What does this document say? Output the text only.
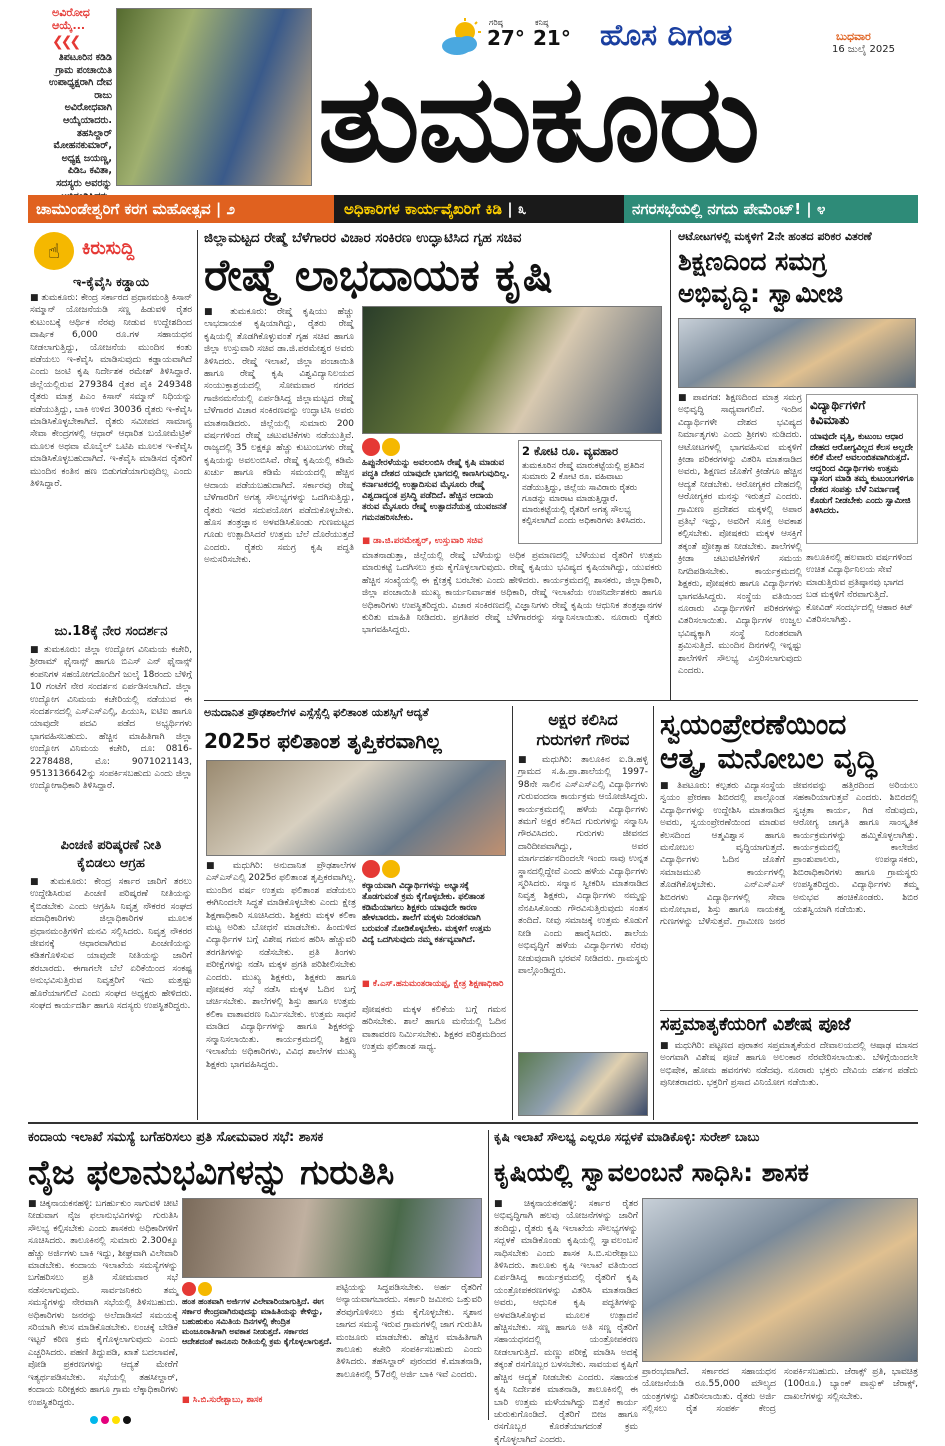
ಅವಿರೋಧ
ಆಯ್ಕೆ...
❮❮❮
ತಿಪಟೂರಿನ ಕಡಿಡಿ ಗ್ರಾಮ ಪಂಚಾಯಿತಿ ಉಪಾಧ್ಯಕ್ಷರಾಗಿ ದೇವ ರಾಜು ಅವಿರೋಧವಾಗಿ ಆಯ್ಕೆಯಾದರು. ತಹಸಿಲ್ದಾರ್ ಮೋಹನಕುಮಾರ್, ಅಧ್ಯಕ್ಷ ಜಯಣ್ಣ, ಪಿಡಿಒ ಕವಿತಾ, ಸದಸ್ಯರು ಅವರನ್ನು
ಗರಿಷ್ಠ
27°
ಕನಿಷ್ಠ
21° ಹೊಸ ದಿಗಂತ	ಬುಧವಾರ
16 ಜುಲೈ 2025
ತುಮಕೂರು
ಚಾಮುಂಡೇಶ್ವರಿಗೆ ಕರಗ ಮಹೋತ್ಸವ
| ೨	ಅಧಿಕಾರಿಗಳ ಕಾರ್ಯವೈಖರಿಗೆ ಕಿಡಿ
| ೩	ನಗರಸಭೆಯಲ್ಲಿ ನಗದು ಪೇಮೆಂಟ್!
| ೪
☝	ಕಿರುಸುದ್ದಿ
ಇ-ಕೈವೈಸಿ ಕಡ್ಡಾಯ
■ ತುಮಕೂರು: ಕೇಂದ್ರ ಸರ್ಕಾರದ ಪ್ರಧಾನಮಂತ್ರಿ ಕಿಸಾನ್ ಸಮ್ಮಾನ್ ಯೋಜನೆಯಡಿ ಸಣ್ಣ ಹಿಡುವಳಿ ರೈತರ ಕುಟುಂಬಕ್ಕೆ ಆರ್ಥಿಕ ನೆರವು ನೀಡುವ ಉದ್ದೇಶದಿಂದ ವಾರ್ಷಿಕ 6,000 ರೂ.ಗಳ ಸಹಾಯಧನ ನೀಡಲಾಗುತ್ತಿದ್ದು, ಯೋಜನೆಯ ಮುಂದಿನ ಕಂತು ಪಡೆಯಲು ಇ-ಕೆವೈಸಿ ಮಾಡಿಸುವುದು ಕಡ್ಡಾಯವಾಗಿದೆ ಎಂದು ಜಂಟಿ ಕೃಷಿ ನಿರ್ದೇಶಕ ರಮೇಶ್ ತಿಳಿಸಿದ್ದಾರೆ. ಜಿಲ್ಲೆಯಲ್ಲಿರುವ 279384 ರೈತರ ಪೈಕಿ 249348 ರೈತರು ಮಾತ್ರ ಪಿಎಂ ಕಿಸಾನ್ ಸಮ್ಮಾನ್ ನಿಧಿಯನ್ನು ಪಡೆಯುತ್ತಿದ್ದು, ಬಾಕಿ ಉಳಿದ 30036 ರೈತರು ಇ-ಕೆವೈಸಿ ಮಾಡಿಸಿಕೊಳ್ಳಬೇಕಾಗಿದೆ. ರೈತರು ಸಮೀಪದ ಸಾಮಾನ್ಯ ಸೇವಾ ಕೇಂದ್ರಗಳಲ್ಲಿ ಆಧಾರ್ ಆಧಾರಿತ ಬಯೋಮೆಟ್ರಿಕ್ ಮೂಲಕ ಅಥವಾ ಮೊಬೈಲ್ ಒಟಿಪಿ ಮೂಲಕ ಇ-ಕೆವೈಸಿ ಮಾಡಿಸಿಕೊಳ್ಳಬಹುದಾಗಿದೆ. ಇ-ಕೆವೈಸಿ ಮಾಡಿಸದ ರೈತರಿಗೆ ಮುಂದಿನ ಕಂತಿನ ಹಣ ಬಿಡುಗಡೆಯಾಗುವುದಿಲ್ಲ ಎಂದು ತಿಳಿಸಿದ್ದಾರೆ.
ಜು.18ಕ್ಕೆ ನೇರ ಸಂದರ್ಶನ
■ ತುಮಕೂರು: ಜಿಲ್ಲಾ ಉದ್ಯೋಗ ವಿನಿಮಯ ಕಚೇರಿ, ಶ್ರೀರಾಮ್ ಫೈನಾನ್ಸ್ ಹಾಗೂ ಬಿಎಸ್ ಎನ್ ಫೈನಾನ್ಸ್ ಕಂಪನಿಗಳ ಸಹಯೋಗದೊಂದಿಗೆ ಜುಲೈ 18ರಂದು ಬೆಳಿಗ್ಗೆ 10 ಗಂಟೆಗೆ ನೇರ ಸಂದರ್ಶನ ಏರ್ಪಡಿಸಲಾಗಿದೆ. ಜಿಲ್ಲಾ ಉದ್ಯೋಗ ವಿನಿಮಯ ಕಚೇರಿಯಲ್ಲಿ ನಡೆಯುವ ಈ ಸಂದರ್ಶನದಲ್ಲಿ ಎಸ್ಎಸ್ಎಲ್ಸಿ, ಪಿಯುಸಿ, ಐಟಿಐ ಹಾಗೂ ಯಾವುದೇ ಪದವಿ ಪಡೆದ ಅಭ್ಯರ್ಥಿಗಳು ಭಾಗವಹಿಸಬಹುದು. ಹೆಚ್ಚಿನ ಮಾಹಿತಿಗಾಗಿ ಜಿಲ್ಲಾ ಉದ್ಯೋಗ ವಿನಿಮಯ ಕಚೇರಿ, ದೂ: 0816-2278488, ಮೊ: 9071021143, 9513136642ನ್ನು ಸಂಪರ್ಕಿಸಬಹುದು ಎಂದು ಜಿಲ್ಲಾ ಉದ್ಯೋಗಾಧಿಕಾರಿ ತಿಳಿಸಿದ್ದಾರೆ.
ಪಿಂಚಣಿ ಪರಿಷ್ಕರಣೆ ನೀತಿ
ಕೈಬಿಡಲು ಆಗ್ರಹ
■ ತುಮಕೂರು: ಕೇಂದ್ರ ಸರ್ಕಾರ ಜಾರಿಗೆ ತರಲು ಉದ್ದೇಶಿಸಿರುವ ಪಿಂಚಣಿ ಪರಿಷ್ಕರಣೆ ನೀತಿಯನ್ನು ಕೈಬಿಡಬೇಕು ಎಂದು ಆಗ್ರಹಿಸಿ ನಿವೃತ್ತ ನೌಕರರ ಸಂಘದ ಪದಾಧಿಕಾರಿಗಳು ಜಿಲ್ಲಾಧಿಕಾರಿಗಳ ಮೂಲಕ ಪ್ರಧಾನಮಂತ್ರಿಗಳಿಗೆ ಮನವಿ ಸಲ್ಲಿಸಿದರು. ನಿವೃತ್ತ ನೌಕರರ ಜೀವನಕ್ಕೆ ಆಧಾರವಾಗಿರುವ ಪಿಂಚಣಿಯನ್ನು ಕಡಿತಗೊಳಿಸುವ ಯಾವುದೇ ನೀತಿಯನ್ನು ಜಾರಿಗೆ ತರಬಾರದು. ಈಗಾಗಲೇ ಬೆಲೆ ಏರಿಕೆಯಿಂದ ಸಂಕಷ್ಟ ಅನುಭವಿಸುತ್ತಿರುವ ನಿವೃತ್ತರಿಗೆ ಇದು ಮತ್ತಷ್ಟು ಹೊರೆಯಾಗಲಿದೆ ಎಂದು ಸಂಘದ ಅಧ್ಯಕ್ಷರು ಹೇಳಿದರು. ಸಂಘದ ಕಾರ್ಯದರ್ಶಿ ಹಾಗೂ ಸದಸ್ಯರು ಉಪಸ್ಥಿತರಿದ್ದರು.
ಜಿಲ್ಲಾಮಟ್ಟದ ರೇಷ್ಮೆ ಬೆಳೆಗಾರರ ವಿಚಾರ ಸಂಕಿರಣ ಉದ್ಘಾಟಿಸಿದ ಗೃಹ ಸಚಿವ
ರೇಷ್ಮೆ ಲಾಭದಾಯಕ ಕೃಷಿ
■ ತುಮಕೂರು: ರೇಷ್ಮೆ ಕೃಷಿಯು ಹೆಚ್ಚು ಲಾಭದಾಯಕ ಕೃಷಿಯಾಗಿದ್ದು, ರೈತರು ರೇಷ್ಮೆ ಕೃಷಿಯಲ್ಲಿ ತೊಡಗಿಕೊಳ್ಳುವಂತೆ ಗೃಹ ಸಚಿವ ಹಾಗೂ ಜಿಲ್ಲಾ ಉಸ್ತುವಾರಿ ಸಚಿವ ಡಾ.ಜಿ.ಪರಮೇಶ್ವರ ಅವರು ತಿಳಿಸಿದರು. ರೇಷ್ಮೆ ಇಲಾಖೆ, ಜಿಲ್ಲಾ ಪಂಚಾಯಿತಿ ಹಾಗೂ ರೇಷ್ಮೆ ಕೃಷಿ ವಿಶ್ವವಿದ್ಯಾನಿಲಯದ ಸಂಯುಕ್ತಾಶ್ರಯದಲ್ಲಿ ಸೋಮವಾರ ನಗರದ ಗಾಜಿನಮನೆಯಲ್ಲಿ ಏರ್ಪಡಿಸಿದ್ದ ಜಿಲ್ಲಾಮಟ್ಟದ ರೇಷ್ಮೆ ಬೆಳೆಗಾರರ ವಿಚಾರ ಸಂಕಿರಣವನ್ನು ಉದ್ಘಾಟಿಸಿ ಅವರು ಮಾತನಾಡಿದರು. ಜಿಲ್ಲೆಯಲ್ಲಿ ಸುಮಾರು 200 ವರ್ಷಗಳಿಂದ ರೇಷ್ಮೆ ಚಟುವಟಿಕೆಗಳು ನಡೆಯುತ್ತಿವೆ. ರಾಜ್ಯದಲ್ಲಿ 35 ಲಕ್ಷಕ್ಕೂ ಹೆಚ್ಚು ಕುಟುಂಬಗಳು ರೇಷ್ಮೆ ಕೃಷಿಯನ್ನು ಅವಲಂಬಿಸಿವೆ. ರೇಷ್ಮೆ ಕೃಷಿಯಲ್ಲಿ ಕಡಿಮೆ ಖರ್ಚು ಹಾಗೂ ಕಡಿಮೆ ಸಮಯದಲ್ಲಿ ಹೆಚ್ಚಿನ ಆದಾಯ ಪಡೆಯಬಹುದಾಗಿದೆ. ಸರ್ಕಾರವು ರೇಷ್ಮೆ ಬೆಳೆಗಾರರಿಗೆ ಅಗತ್ಯ ಸೌಲಭ್ಯಗಳನ್ನು ಒದಗಿಸುತ್ತಿದ್ದು, ರೈತರು ಇದರ ಸದುಪಯೋಗ ಪಡೆದುಕೊಳ್ಳಬೇಕು. ಹೊಸ ತಂತ್ರಜ್ಞಾನ ಅಳವಡಿಸಿಕೊಂಡು ಗುಣಮಟ್ಟದ ಗೂಡು ಉತ್ಪಾದಿಸಿದರೆ ಉತ್ತಮ ಬೆಲೆ ದೊರೆಯುತ್ತದೆ ಎಂದರು. ರೈತರು ಸಮಗ್ರ ಕೃಷಿ ಪದ್ಧತಿ ಅನುಸರಿಸಬೇಕು.
ಹಿಪ್ಪುನೇರಳೆಯನ್ನು ಅವಲಂಬಿಸಿ ರೇಷ್ಮೆ ಕೃಷಿ ಮಾಡುವ ಪದ್ಧತಿ ದೇಶದ ಯಾವುದೇ ಭಾಗದಲ್ಲಿ ಕಾಣಸಿಗುವುದಿಲ್ಲ. ಕರ್ನಾಟಕದಲ್ಲಿ ಉತ್ಪಾದಿಸುವ ಮೈಸೂರು ರೇಷ್ಮೆ ವಿಶ್ವದಾದ್ಯಂತ ಪ್ರಸಿದ್ಧಿ ಪಡೆದಿದೆ. ಹೆಚ್ಚಿನ ಆದಾಯ ತರುವ ಮೈಸೂರು ರೇಷ್ಮೆ ಉತ್ಪಾದನೆಯತ್ತ ಯುವಜನತೆ ಗಮನಹರಿಸಬೇಕು.
■ ಡಾ.ಜಿ.ಪರಮೇಶ್ವರ್, ಉಸ್ತುವಾರಿ ಸಚಿವ
2 ಕೋಟಿ ರೂ. ವ್ಯವಹಾರ
ತುಮಕೂರಿನ ರೇಷ್ಮೆ ಮಾರುಕಟ್ಟೆಯಲ್ಲಿ ಪ್ರತಿದಿನ ಸುಮಾರು 2 ಕೋಟಿ ರೂ. ವಹಿವಾಟು ನಡೆಯುತ್ತಿದ್ದು, ಜಿಲ್ಲೆಯ ಸಾವಿರಾರು ರೈತರು ಗೂಡನ್ನು ಮಾರಾಟ ಮಾಡುತ್ತಿದ್ದಾರೆ. ಮಾರುಕಟ್ಟೆಯಲ್ಲಿ ರೈತರಿಗೆ ಅಗತ್ಯ ಸೌಲಭ್ಯ ಕಲ್ಪಿಸಲಾಗಿದೆ ಎಂದು ಅಧಿಕಾರಿಗಳು ತಿಳಿಸಿದರು.
ಮಾತನಾಡುತ್ತಾ, ಜಿಲ್ಲೆಯಲ್ಲಿ ರೇಷ್ಮೆ ಬೆಳೆಯನ್ನು ಅಧಿಕ ಪ್ರಮಾಣದಲ್ಲಿ ಬೆಳೆಯುವ ರೈತರಿಗೆ ಉತ್ತಮ ಮಾರುಕಟ್ಟೆ ಒದಗಿಸಲು ಕ್ರಮ ಕೈಗೊಳ್ಳಲಾಗುವುದು. ರೇಷ್ಮೆ ಕೃಷಿಯು ಭವಿಷ್ಯದ ಕೃಷಿಯಾಗಿದ್ದು, ಯುವಕರು ಹೆಚ್ಚಿನ ಸಂಖ್ಯೆಯಲ್ಲಿ ಈ ಕ್ಷೇತ್ರಕ್ಕೆ ಬರಬೇಕು ಎಂದು ಹೇಳಿದರು. ಕಾರ್ಯಕ್ರಮದಲ್ಲಿ ಶಾಸಕರು, ಜಿಲ್ಲಾಧಿಕಾರಿ, ಜಿಲ್ಲಾ ಪಂಚಾಯಿತಿ ಮುಖ್ಯ ಕಾರ್ಯನಿರ್ವಾಹಕ ಅಧಿಕಾರಿ, ರೇಷ್ಮೆ ಇಲಾಖೆಯ ಉಪನಿರ್ದೇಶಕರು ಹಾಗೂ ಅಧಿಕಾರಿಗಳು ಉಪಸ್ಥಿತರಿದ್ದರು. ವಿಚಾರ ಸಂಕಿರಣದಲ್ಲಿ ವಿಜ್ಞಾನಿಗಳು ರೇಷ್ಮೆ ಕೃಷಿಯ ಆಧುನಿಕ ತಂತ್ರಜ್ಞಾನಗಳ ಕುರಿತು ಮಾಹಿತಿ ನೀಡಿದರು. ಪ್ರಗತಿಪರ ರೇಷ್ಮೆ ಬೆಳೆಗಾರರನ್ನು ಸನ್ಮಾನಿಸಲಾಯಿತು. ನೂರಾರು ರೈತರು ಭಾಗವಹಿಸಿದ್ದರು.
ಆಟೋಟಗಳಲ್ಲಿ ಮಕ್ಕಳಿಗೆ 2ನೇ ಹಂತದ ಪರಿಕರ ವಿತರಣೆ
ಶಿಕ್ಷಣದಿಂದ ಸಮಗ್ರ
ಅಭಿವೃದ್ಧಿ: ಸ್ವಾಮೀಜಿ
■ ಪಾವಗಡ: ಶಿಕ್ಷಣದಿಂದ ಮಾತ್ರ ಸಮಗ್ರ ಅಭಿವೃದ್ಧಿ ಸಾಧ್ಯವಾಗಲಿದೆ. ಇಂದಿನ ವಿದ್ಯಾರ್ಥಿಗಳೇ ದೇಶದ ಭವಿಷ್ಯದ ನಿರ್ಮಾತೃಗಳು ಎಂದು ಶ್ರೀಗಳು ನುಡಿದರು. ಆಟೋಟಗಳಲ್ಲಿ ಭಾಗವಹಿಸುವ ಮಕ್ಕಳಿಗೆ ಕ್ರೀಡಾ ಪರಿಕರಗಳನ್ನು ವಿತರಿಸಿ ಮಾತನಾಡಿದ ಅವರು, ಶಿಕ್ಷಣದ ಜೊತೆಗೆ ಕ್ರೀಡೆಗೂ ಹೆಚ್ಚಿನ ಆದ್ಯತೆ ನೀಡಬೇಕು. ಆರೋಗ್ಯಕರ ದೇಹದಲ್ಲಿ ಆರೋಗ್ಯಕರ ಮನಸ್ಸು ಇರುತ್ತದೆ ಎಂದರು. ಗ್ರಾಮೀಣ ಪ್ರದೇಶದ ಮಕ್ಕಳಲ್ಲಿ ಅಪಾರ ಪ್ರತಿಭೆ ಇದ್ದು, ಅವರಿಗೆ ಸೂಕ್ತ ಅವಕಾಶ ಕಲ್ಪಿಸಬೇಕು. ಪೋಷಕರು ಮಕ್ಕಳ ಆಸಕ್ತಿಗೆ ತಕ್ಕಂತೆ ಪ್ರೋತ್ಸಾಹ ನೀಡಬೇಕು. ಶಾಲೆಗಳಲ್ಲಿ ಕ್ರೀಡಾ ಚಟುವಟಿಕೆಗಳಿಗೆ ಸಮಯ ನಿಗದಿಪಡಿಸಬೇಕು. ಕಾರ್ಯಕ್ರಮದಲ್ಲಿ ಶಿಕ್ಷಕರು, ಪೋಷಕರು ಹಾಗೂ ವಿದ್ಯಾರ್ಥಿಗಳು ಭಾಗವಹಿಸಿದ್ದರು. ಸಂಸ್ಥೆಯ ವತಿಯಿಂದ ನೂರಾರು ವಿದ್ಯಾರ್ಥಿಗಳಿಗೆ ಪರಿಕರಗಳನ್ನು ವಿತರಿಸಲಾಯಿತು. ವಿದ್ಯಾರ್ಥಿಗಳ ಉಜ್ವಲ ಭವಿಷ್ಯಕ್ಕಾಗಿ ಸಂಸ್ಥೆ ನಿರಂತರವಾಗಿ ಶ್ರಮಿಸುತ್ತಿದೆ. ಮುಂದಿನ ದಿನಗಳಲ್ಲಿ ಇನ್ನಷ್ಟು ಶಾಲೆಗಳಿಗೆ ಸೌಲಭ್ಯ ವಿಸ್ತರಿಸಲಾಗುವುದು ಎಂದರು.
ವಿದ್ಯಾರ್ಥಿಗಳಿಗೆ
ಕಿವಿಮಾತು
ಯಾವುದೇ ವೃತ್ತಿ, ಕುಟುಂಬ ಆಧಾರ ದೇಹದ ಆರೋಗ್ಯವಿಲ್ಲದ ಕೆಲಸ ಅಲ್ಲದೇ ಕಲಿಕೆ ಮೇಲೆ ಅವಲಂಬಿತವಾಗಿರುತ್ತದೆ. ಆದ್ದರಿಂದ ವಿದ್ಯಾರ್ಥಿಗಳು ಉತ್ತಮ ವ್ಯಾಸಂಗ ಮಾಡಿ ತಮ್ಮ ಕುಟುಂಬಗಳಿಗೂ ದೇಶದ ಸಂಪತ್ತು ಬೆಳೆ ನಿರ್ಮಾಣಕ್ಕೆ ಕೊಡುಗೆ ನೀಡಬೇಕು ಎಂದು ಸ್ವಾಮೀಜಿ ತಿಳಿಸಿದರು.
ತಾಲೂಕಿನಲ್ಲಿ ಹಲವಾರು ವರ್ಷಗಳಿಂದ ಉಚಿತ ವಿದ್ಯಾರ್ಥಿನಿಲಯ ಸೇವೆ ಮಾಡುತ್ತಿರುವ ಪ್ರತಿಷ್ಠಾನವು ಭಾಗದ ಬಡ ಮಕ್ಕಳಿಗೆ ನೆರವಾಗುತ್ತಿದೆ. ಕೋವಿಡ್ ಸಂದರ್ಭದಲ್ಲಿ ಆಹಾರ ಕಿಟ್ ವಿತರಿಸಲಾಗಿತ್ತು.
ಅನುದಾನಿತ ಪ್ರೌಢಶಾಲೆಗಳ ಎಸ್ಸೆಸ್ಸೆಲ್ಸಿ ಫಲಿತಾಂಶ ಯಶಸ್ಸಿಗೆ ಆದ್ಯತೆ
2025ರ ಫಲಿತಾಂಶ ತೃಪ್ತಿಕರವಾಗಿಲ್ಲ
■ ಮಧುಗಿರಿ: ಅನುದಾನಿತ ಪ್ರೌಢಶಾಲೆಗಳ ಎಸ್ಎಸ್ಎಲ್ಸಿ 2025ರ ಫಲಿತಾಂಶ ತೃಪ್ತಿಕರವಾಗಿಲ್ಲ. ಮುಂದಿನ ವರ್ಷ ಉತ್ತಮ ಫಲಿತಾಂಶ ಪಡೆಯಲು ಈಗಿನಿಂದಲೇ ಸಿದ್ಧತೆ ಮಾಡಿಕೊಳ್ಳಬೇಕು ಎಂದು ಕ್ಷೇತ್ರ ಶಿಕ್ಷಣಾಧಿಕಾರಿ ಸೂಚಿಸಿದರು. ಶಿಕ್ಷಕರು ಮಕ್ಕಳ ಕಲಿಕಾ ಮಟ್ಟ ಅರಿತು ಬೋಧನೆ ಮಾಡಬೇಕು. ಹಿಂದುಳಿದ ವಿದ್ಯಾರ್ಥಿಗಳ ಬಗ್ಗೆ ವಿಶೇಷ ಗಮನ ಹರಿಸಿ ಹೆಚ್ಚುವರಿ ತರಗತಿಗಳನ್ನು ನಡೆಸಬೇಕು. ಪ್ರತಿ ತಿಂಗಳು ಪರೀಕ್ಷೆಗಳನ್ನು ನಡೆಸಿ ಮಕ್ಕಳ ಪ್ರಗತಿ ಪರಿಶೀಲಿಸಬೇಕು ಎಂದರು. ಮುಖ್ಯ ಶಿಕ್ಷಕರು, ಶಿಕ್ಷಕರು ಹಾಗೂ ಪೋಷಕರ ಸಭೆ ನಡೆಸಿ ಮಕ್ಕಳ ಓದಿನ ಬಗ್ಗೆ ಚರ್ಚಿಸಬೇಕು. ಶಾಲೆಗಳಲ್ಲಿ ಶಿಸ್ತು ಹಾಗೂ ಉತ್ತಮ ಕಲಿಕಾ ವಾತಾವರಣ ನಿರ್ಮಿಸಬೇಕು. ಉತ್ತಮ ಸಾಧನೆ ಮಾಡಿದ ವಿದ್ಯಾರ್ಥಿಗಳನ್ನು ಹಾಗೂ ಶಿಕ್ಷಕರನ್ನು ಸನ್ಮಾನಿಸಲಾಯಿತು. ಕಾರ್ಯಕ್ರಮದಲ್ಲಿ ಶಿಕ್ಷಣ ಇಲಾಖೆಯ ಅಧಿಕಾರಿಗಳು, ವಿವಿಧ ಶಾಲೆಗಳ ಮುಖ್ಯ ಶಿಕ್ಷಕರು ಭಾಗವಹಿಸಿದ್ದರು.
ಕಠ್ಯಾಯವಾಗಿ ವಿದ್ಯಾರ್ಥಿಗಳನ್ನು ಅಭ್ಯಾಸಕ್ಕೆ ತೊಡಗುವಂತೆ ಕ್ರಮ ಕೈಗೊಳ್ಳಬೇಕು. ಫಲಿತಾಂಶ ಕಡಿಮೆಯಾಗಲು ಶಿಕ್ಷಕರು ಯಾವುದೇ ಕಾರಣ ಹೇಳಬಾರದು. ಶಾಲೆಗೆ ಮಕ್ಕಳು ನಿರಂತರವಾಗಿ ಬರುವಂತೆ ನೋಡಿಕೊಳ್ಳಬೇಕು. ಮಕ್ಕಳಿಗೆ ಉತ್ತಮ ವಿದ್ಯೆ ಒದಗಿಸುವುದು ನಮ್ಮ ಕರ್ತವ್ಯವಾಗಿದೆ.
■ ಕೆ.ಎಸ್.ಹನುಮಂತರಾಯಪ್ಪ, ಕ್ಷೇತ್ರ ಶಿಕ್ಷಣಾಧಿಕಾರಿ
ಪೋಷಕರು ಮಕ್ಕಳ ಕಲಿಕೆಯ ಬಗ್ಗೆ ಗಮನ ಹರಿಸಬೇಕು. ಶಾಲೆ ಹಾಗೂ ಮನೆಯಲ್ಲಿ ಓದಿನ ವಾತಾವರಣ ನಿರ್ಮಿಸಬೇಕು. ಶಿಕ್ಷಕರ ಪರಿಶ್ರಮದಿಂದ ಉತ್ತಮ ಫಲಿತಾಂಶ ಸಾಧ್ಯ.
ಅಕ್ಷರ ಕಲಿಸಿದ
ಗುರುಗಳಿಗೆ ಗೌರವ
■ ಮಧುಗಿರಿ: ತಾಲೂಕಿನ ಐ.ಡಿ.ಹಳ್ಳಿ ಗ್ರಾಮದ ಸ.ಹಿ.ಪ್ರಾ.ಶಾಲೆಯಲ್ಲಿ 1997-98ನೇ ಸಾಲಿನ ಎಸ್ಎಸ್ಎಲ್ಸಿ ವಿದ್ಯಾರ್ಥಿಗಳು ಗುರುವಂದನಾ ಕಾರ್ಯಕ್ರಮ ಆಯೋಜಿಸಿದ್ದರು. ಕಾರ್ಯಕ್ರಮದಲ್ಲಿ ಹಳೆಯ ವಿದ್ಯಾರ್ಥಿಗಳು ತಮಗೆ ಅಕ್ಷರ ಕಲಿಸಿದ ಗುರುಗಳನ್ನು ಸನ್ಮಾನಿಸಿ ಗೌರವಿಸಿದರು. ಗುರುಗಳು ಜೀವನದ ದಾರಿದೀಪವಾಗಿದ್ದು, ಅವರ ಮಾರ್ಗದರ್ಶನದಿಂದಲೇ ಇಂದು ನಾವು ಉನ್ನತ ಸ್ಥಾನದಲ್ಲಿದ್ದೇವೆ ಎಂದು ಹಳೆಯ ವಿದ್ಯಾರ್ಥಿಗಳು ಸ್ಮರಿಸಿದರು. ಸನ್ಮಾನ ಸ್ವೀಕರಿಸಿ ಮಾತನಾಡಿದ ನಿವೃತ್ತ ಶಿಕ್ಷಕರು, ವಿದ್ಯಾರ್ಥಿಗಳು ನಮ್ಮನ್ನು ನೆನಪಿಸಿಕೊಂಡು ಗೌರವಿಸುತ್ತಿರುವುದು ಸಂತಸ ತಂದಿದೆ. ನೀವು ಸಮಾಜಕ್ಕೆ ಉತ್ತಮ ಕೊಡುಗೆ ನೀಡಿ ಎಂದು ಹಾರೈಸಿದರು. ಶಾಲೆಯ ಅಭಿವೃದ್ಧಿಗೆ ಹಳೆಯ ವಿದ್ಯಾರ್ಥಿಗಳು ನೆರವು ನೀಡುವುದಾಗಿ ಭರವಸೆ ನೀಡಿದರು. ಗ್ರಾಮಸ್ಥರು ಪಾಲ್ಗೊಂಡಿದ್ದರು.
ಸ್ವಯಂಪ್ರೇರಣೆಯಿಂದ
ಆತ್ಮ, ಮನೋಬಲ ವೃದ್ಧಿ
■ ತಿಪಟೂರು: ಕಲ್ಪತರು ವಿದ್ಯಾಸಂಸ್ಥೆಯ ಸ್ವಯಂ ಪ್ರೇರಣಾ ಶಿಬಿರದಲ್ಲಿ ಪಾಲ್ಗೊಂಡ ವಿದ್ಯಾರ್ಥಿಗಳನ್ನು ಉದ್ದೇಶಿಸಿ ಮಾತನಾಡಿದ ಅವರು, ಸ್ವಯಂಪ್ರೇರಣೆಯಿಂದ ಮಾಡುವ ಕೆಲಸದಿಂದ ಆತ್ಮವಿಶ್ವಾಸ ಹಾಗೂ ಮನೋಬಲ ವೃದ್ಧಿಯಾಗುತ್ತದೆ. ವಿದ್ಯಾರ್ಥಿಗಳು ಓದಿನ ಜೊತೆಗೆ ಸಮಾಜಮುಖಿ ಕಾರ್ಯಗಳಲ್ಲಿ ತೊಡಗಿಕೊಳ್ಳಬೇಕು. ಎನ್ಎಸ್ಎಸ್ ಶಿಬಿರಗಳು ವಿದ್ಯಾರ್ಥಿಗಳಲ್ಲಿ ಸೇವಾ ಮನೋಭಾವ, ಶಿಸ್ತು ಹಾಗೂ ನಾಯಕತ್ವ ಗುಣಗಳನ್ನು ಬೆಳೆಸುತ್ತವೆ. ಗ್ರಾಮೀಣ ಜನರ ಜೀವನವನ್ನು ಹತ್ತಿರದಿಂದ ಅರಿಯಲು ಸಹಕಾರಿಯಾಗುತ್ತವೆ ಎಂದರು. ಶಿಬಿರದಲ್ಲಿ ಸ್ವಚ್ಛತಾ ಕಾರ್ಯ, ಗಿಡ ನೆಡುವುದು, ಆರೋಗ್ಯ ಜಾಗೃತಿ ಹಾಗೂ ಸಾಂಸ್ಕೃತಿಕ ಕಾರ್ಯಕ್ರಮಗಳನ್ನು ಹಮ್ಮಿಕೊಳ್ಳಲಾಗಿತ್ತು. ಕಾರ್ಯಕ್ರಮದಲ್ಲಿ ಕಾಲೇಜಿನ ಪ್ರಾಂಶುಪಾಲರು, ಉಪನ್ಯಾಸಕರು, ಶಿಬಿರಾಧಿಕಾರಿಗಳು ಹಾಗೂ ಗ್ರಾಮಸ್ಥರು ಉಪಸ್ಥಿತರಿದ್ದರು. ವಿದ್ಯಾರ್ಥಿಗಳು ತಮ್ಮ ಅನುಭವ ಹಂಚಿಕೊಂಡರು. ಶಿಬಿರ ಯಶಸ್ವಿಯಾಗಿ ನಡೆಯಿತು.
ಸಪ್ತಮಾತೃಕೆಯರಿಗೆ ವಿಶೇಷ ಪೂಜೆ
■ ಮಧುಗಿರಿ: ಪಟ್ಟಣದ ಪುರಾತನ ಸಪ್ತಮಾತೃಕೆಯರ ದೇವಾಲಯದಲ್ಲಿ ಆಷಾಢ ಮಾಸದ ಅಂಗವಾಗಿ ವಿಶೇಷ ಪೂಜೆ ಹಾಗೂ ಅಲಂಕಾರ ನೆರವೇರಿಸಲಾಯಿತು. ಬೆಳಿಗ್ಗೆಯಿಂದಲೇ ಅಭಿಷೇಕ, ಹೋಮ ಹವನಗಳು ನಡೆದವು. ನೂರಾರು ಭಕ್ತರು ದೇವಿಯ ದರ್ಶನ ಪಡೆದು ಪುನೀತರಾದರು. ಭಕ್ತರಿಗೆ ಪ್ರಸಾದ ವಿನಿಯೋಗ ನಡೆಯಿತು.
ಕಂದಾಯ ಇಲಾಖೆ ಸಮಸ್ಯೆ ಬಗೆಹರಿಸಲು ಪ್ರತಿ ಸೋಮವಾರ ಸಭೆ: ಶಾಸಕ
ನೈಜ ಫಲಾನುಭವಿಗಳನ್ನು ಗುರುತಿಸಿ
■ ಚಿಕ್ಕನಾಯಕನಹಳ್ಳಿ: ಬಗರ್ಹುಕುಂ ಸಾಗುವಳಿ ಚೀಟಿ ನೀಡುವಾಗ ನೈಜ ಫಲಾನುಭವಿಗಳನ್ನು ಗುರುತಿಸಿ ಸೌಲಭ್ಯ ಕಲ್ಪಿಸಬೇಕು ಎಂದು ಶಾಸಕರು ಅಧಿಕಾರಿಗಳಿಗೆ ಸೂಚಿಸಿದರು. ತಾಲೂಕಿನಲ್ಲಿ ಸುಮಾರು 2.300ಕ್ಕೂ ಹೆಚ್ಚು ಅರ್ಜಿಗಳು ಬಾಕಿ ಇದ್ದು, ಶೀಘ್ರವಾಗಿ ವಿಲೇವಾರಿ ಮಾಡಬೇಕು. ಕಂದಾಯ ಇಲಾಖೆಯ ಸಮಸ್ಯೆಗಳನ್ನು ಬಗೆಹರಿಸಲು ಪ್ರತಿ ಸೋಮವಾರ ಸಭೆ ನಡೆಸಲಾಗುವುದು. ಸಾರ್ವಜನಿಕರು ತಮ್ಮ ಸಮಸ್ಯೆಗಳನ್ನು ನೇರವಾಗಿ ಸಭೆಯಲ್ಲಿ ತಿಳಿಸಬಹುದು. ಅಧಿಕಾರಿಗಳು ಜನರನ್ನು ಅಲೆದಾಡಿಸದೆ ಸಮಯಕ್ಕೆ ಸರಿಯಾಗಿ ಕೆಲಸ ಮಾಡಿಕೊಡಬೇಕು. ಲಂಚಕ್ಕೆ ಬೇಡಿಕೆ ಇಟ್ಟರೆ ಕಠಿಣ ಕ್ರಮ ಕೈಗೊಳ್ಳಲಾಗುವುದು ಎಂದು ಎಚ್ಚರಿಸಿದರು. ಪಹಣಿ ತಿದ್ದುಪಡಿ, ಖಾತೆ ಬದಲಾವಣೆ, ಪೋಡಿ ಪ್ರಕರಣಗಳನ್ನು ಆದ್ಯತೆ ಮೇರೆಗೆ ಇತ್ಯರ್ಥಪಡಿಸಬೇಕು. ಸಭೆಯಲ್ಲಿ ತಹಸೀಲ್ದಾರ್, ಕಂದಾಯ ನಿರೀಕ್ಷಕರು ಹಾಗೂ ಗ್ರಾಮ ಲೆಕ್ಕಾಧಿಕಾರಿಗಳು ಉಪಸ್ಥಿತರಿದ್ದರು.
ಹಂತ ಹಂತವಾಗಿ ಅರ್ಜಿಗಳ ವಿಲೇವಾರಿಯಾಗುತ್ತಿದೆ. ಈಗ ಸರ್ಕಾರ ಕೇಂದ್ರವಾಗಿರುವುದನ್ನು ಮಾಹಿತಿಯನ್ನು ಕೇಳಿದ್ದು, ಬಹುಹುಕುಂ ಸಮಿತಿಯ ದಿನಗಳಲ್ಲಿ ಕೇಂದ್ರಿತ ಮಂಜೂರಾತಿಗಾಗಿ ಅವಕಾಶ ನೀಡುತ್ತದೆ. ಸರ್ಕಾರದ ಆದೇಶದಂತೆ ಕಾನೂನು ರೀತಿಯಲ್ಲಿ ಕ್ರಮ ಕೈಗೊಳ್ಳಲಾಗುತ್ತದೆ.
■ ಸಿ.ಬಿ.ಸುರೇಶ್ಬಾಬು, ಶಾಸಕ
ಪಟ್ಟಿಯನ್ನು ಸಿದ್ಧಪಡಿಸಬೇಕು. ಅರ್ಹ ರೈತರಿಗೆ ಅನ್ಯಾಯವಾಗಬಾರದು. ಸರ್ಕಾರಿ ಜಮೀನು ಒತ್ತುವರಿ ತೆರವುಗೊಳಿಸಲು ಕ್ರಮ ಕೈಗೊಳ್ಳಬೇಕು. ಸ್ಮಶಾನ ಜಾಗದ ಸಮಸ್ಯೆ ಇರುವ ಗ್ರಾಮಗಳಲ್ಲಿ ಜಾಗ ಗುರುತಿಸಿ ಮಂಜೂರು ಮಾಡಬೇಕು. ಹೆಚ್ಚಿನ ಮಾಹಿತಿಗಾಗಿ ತಾಲೂಕು ಕಚೇರಿ ಸಂಪರ್ಕಿಸಬಹುದು ಎಂದು ತಿಳಿಸಿದರು. ತಹಸಿಲ್ದಾರ್ ಪುರಂದರ ಕೆ.ಮಾತನಾಡಿ, ತಾಲೂಕಿನಲ್ಲಿ 57ರಲ್ಲಿ ಅರ್ಜಿ ಬಾಕಿ ಇವೆ ಎಂದರು.
ಕೃಷಿ ಇಲಾಖೆ ಸೌಲಭ್ಯ ಎಲ್ಲರೂ ಸದ್ಬಳಕೆ ಮಾಡಿಕೊಳ್ಳಿ: ಸುರೇಶ್ ಬಾಬು
ಕೃಷಿಯಲ್ಲಿ ಸ್ವಾವಲಂಬನೆ ಸಾಧಿಸಿ: ಶಾಸಕ
■ ಚಿಕ್ಕನಾಯಕನಹಳ್ಳಿ: ಸರ್ಕಾರ ರೈತರ ಅಭಿವೃದ್ಧಿಗಾಗಿ ಹಲವು ಯೋಜನೆಗಳನ್ನು ಜಾರಿಗೆ ತಂದಿದ್ದು, ರೈತರು ಕೃಷಿ ಇಲಾಖೆಯ ಸೌಲಭ್ಯಗಳನ್ನು ಸದ್ಬಳಕೆ ಮಾಡಿಕೊಂಡು ಕೃಷಿಯಲ್ಲಿ ಸ್ವಾವಲಂಬನೆ ಸಾಧಿಸಬೇಕು ಎಂದು ಶಾಸಕ ಸಿ.ಬಿ.ಸುರೇಶ್ಬಾಬು ತಿಳಿಸಿದರು. ತಾಲೂಕು ಕೃಷಿ ಇಲಾಖೆ ವತಿಯಿಂದ ಏರ್ಪಡಿಸಿದ್ದ ಕಾರ್ಯಕ್ರಮದಲ್ಲಿ ರೈತರಿಗೆ ಕೃಷಿ ಯಂತ್ರೋಪಕರಣಗಳನ್ನು ವಿತರಿಸಿ ಮಾತನಾಡಿದ ಅವರು, ಆಧುನಿಕ ಕೃಷಿ ಪದ್ಧತಿಗಳನ್ನು ಅಳವಡಿಸಿಕೊಳ್ಳುವ ಮೂಲಕ ಉತ್ಪಾದನೆ ಹೆಚ್ಚಿಸಬೇಕು. ಸಣ್ಣ ಹಾಗೂ ಅತಿ ಸಣ್ಣ ರೈತರಿಗೆ ಸಹಾಯಧನದಲ್ಲಿ ಯಂತ್ರೋಪಕರಣ ನೀಡಲಾಗುತ್ತಿದೆ. ಮಣ್ಣು ಪರೀಕ್ಷೆ ಮಾಡಿಸಿ ಅದಕ್ಕೆ ತಕ್ಕಂತೆ ರಸಗೊಬ್ಬರ ಬಳಸಬೇಕು. ಸಾವಯವ ಕೃಷಿಗೆ ಹೆಚ್ಚಿನ ಆದ್ಯತೆ ನೀಡಬೇಕು ಎಂದರು. ಸಹಾಯಕ ಕೃಷಿ ನಿರ್ದೇಶಕ ಮಾತನಾಡಿ, ತಾಲೂಕಿನಲ್ಲಿ ಈ ಬಾರಿ ಉತ್ತಮ ಮಳೆಯಾಗಿದ್ದು ಬಿತ್ತನೆ ಕಾರ್ಯ ಚುರುಕುಗೊಂಡಿದೆ. ರೈತರಿಗೆ ಬೀಜ ಹಾಗೂ ರಸಗೊಬ್ಬರ ಕೊರತೆಯಾಗದಂತೆ ಕ್ರಮ ಕೈಗೊಳ್ಳಲಾಗಿದೆ ಎಂದರು.
ಪ್ರಾರಂಭವಾಗಿದೆ. ಸರ್ಕಾರದ ಸಹಾಯಧನ ಯೋಜನೆಯಡಿ ರೂ.55,000 ಮೌಲ್ಯದ ಯಂತ್ರಗಳನ್ನು ವಿತರಿಸಲಾಯಿತು. ರೈತರು ಅರ್ಜಿ ಸಲ್ಲಿಸಲು ರೈತ ಸಂಪರ್ಕ ಕೇಂದ್ರ ಸಂಪರ್ಕಿಸಬಹುದು. ಜೆರಾಕ್ಸ್ ಪ್ರತಿ, ಭಾವಚಿತ್ರ (100ರೂ.) ಬ್ಯಾಂಕ್ ಪಾಸ್ಬುಕ್ ಜೆರಾಕ್ಸ್, ದಾಖಲೆಗಳನ್ನು ಸಲ್ಲಿಸಬೇಕು.
